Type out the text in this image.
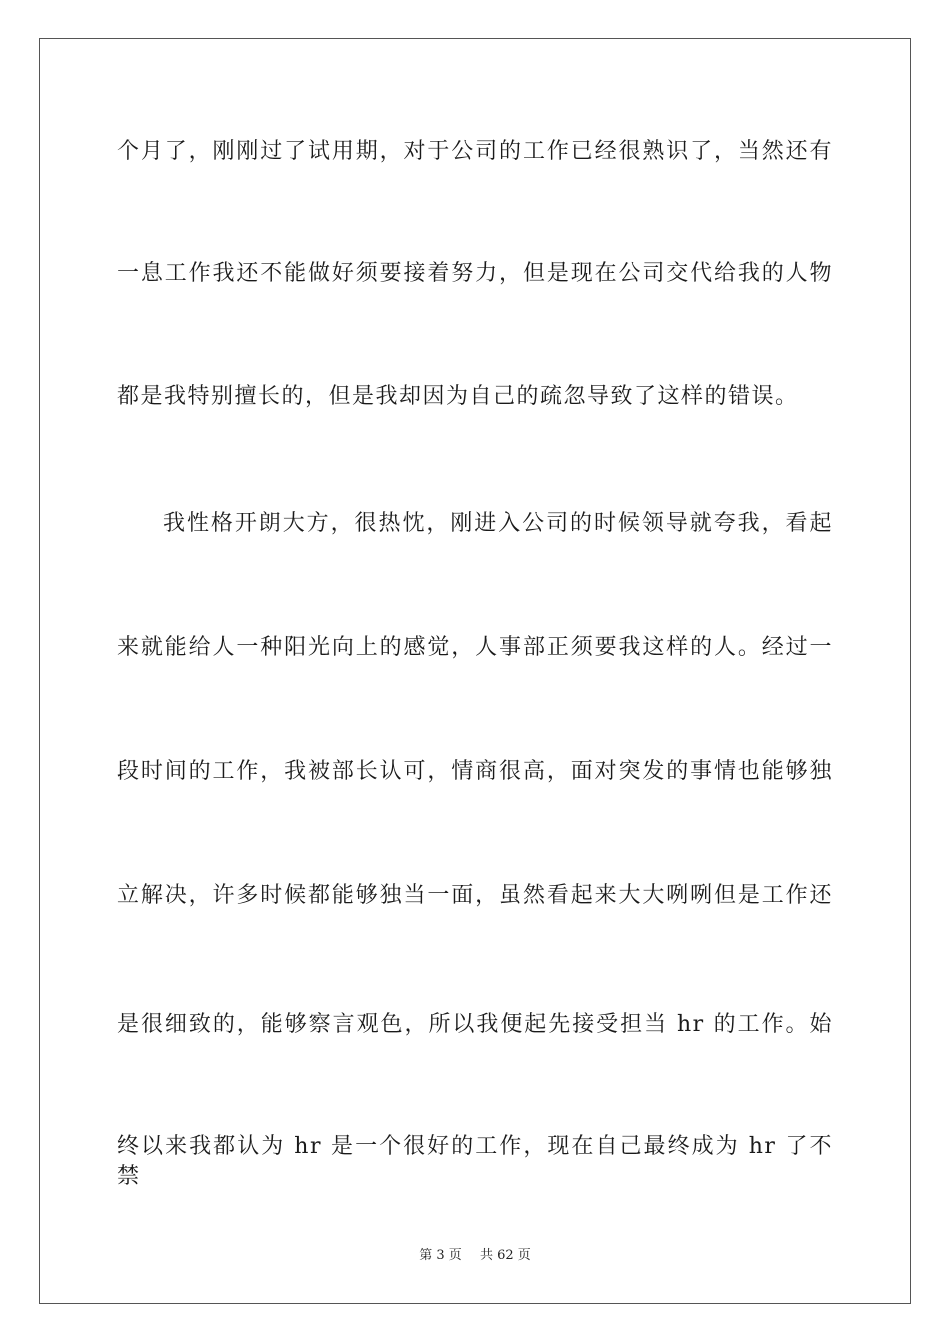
个月了，刚刚过了试用期，对于公司的工作已经很熟识了，当然还有
一息工作我还不能做好须要接着努力，但是现在公司交代给我的人物
都是我特别擅长的，但是我却因为自己的疏忽导致了这样的错误。
我性格开朗大方，很热忱，刚进入公司的时候领导就夸我，看起
来就能给人一种阳光向上的感觉，人事部正须要我这样的人。经过一
段时间的工作，我被部长认可，情商很高，面对突发的事情也能够独
立解决，许多时候都能够独当一面，虽然看起来大大咧咧但是工作还
是很细致的，能够察言观色，所以我便起先接受担当 hr 的工作。始
终以来我都认为 hr 是一个很好的工作，现在自己最终成为 hr 了不禁
第 3 页 共 62 页
